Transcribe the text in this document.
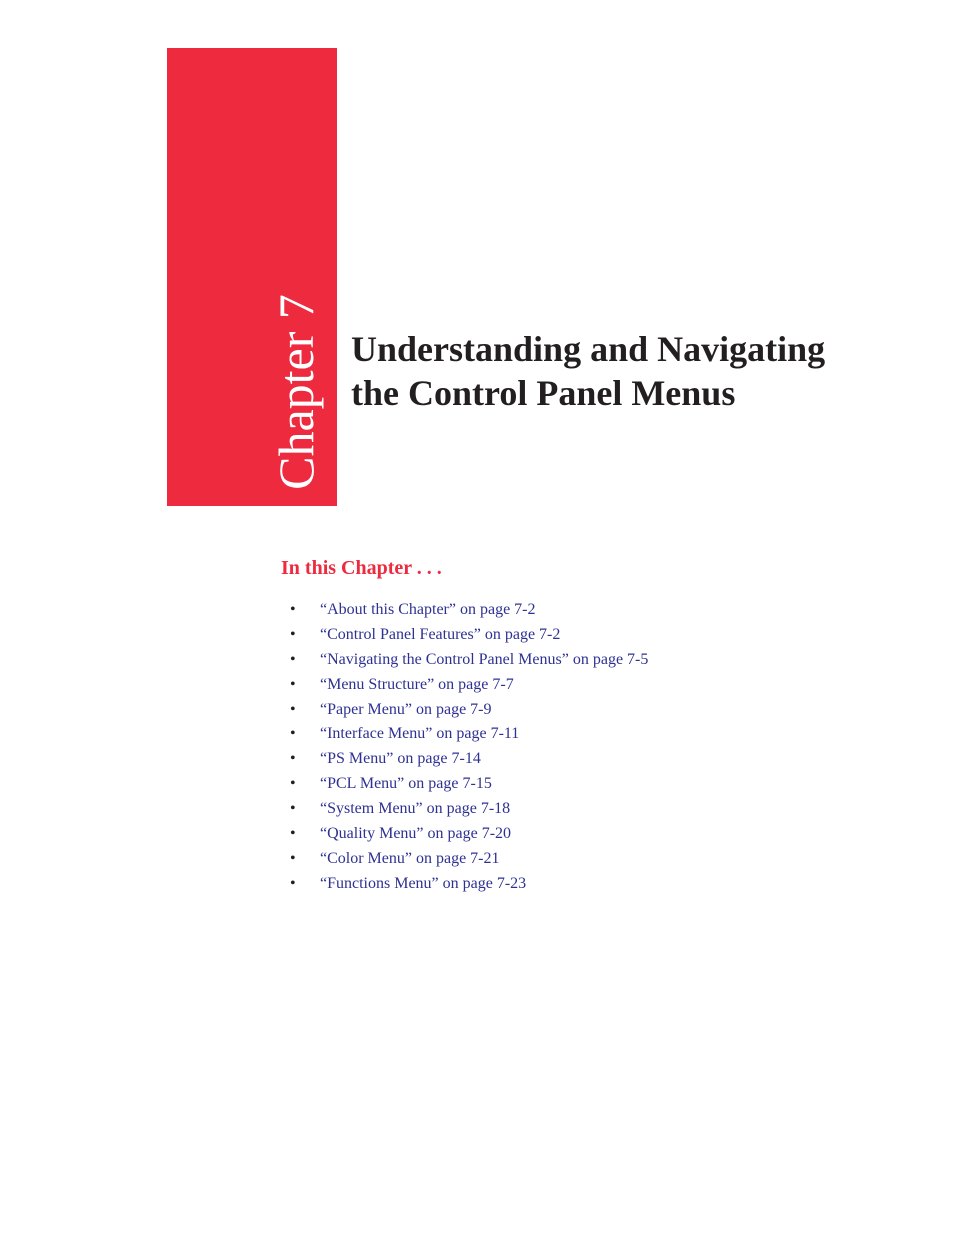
Chapter 7 Understanding and Navigating
the Control Panel Menus
In this Chapter . . .
• “About this Chapter” on page 7-2
• “Control Panel Features” on page 7-2
• “Navigating the Control Panel Menus” on page 7-5
• “Menu Structure” on page 7-7
• “Paper Menu” on page 7-9
• “Interface Menu” on page 7-11
• “PS Menu” on page 7-14
• “PCL Menu” on page 7-15
• “System Menu” on page 7-18
• “Quality Menu” on page 7-20
• “Color Menu” on page 7-21
• “Functions Menu” on page 7-23
